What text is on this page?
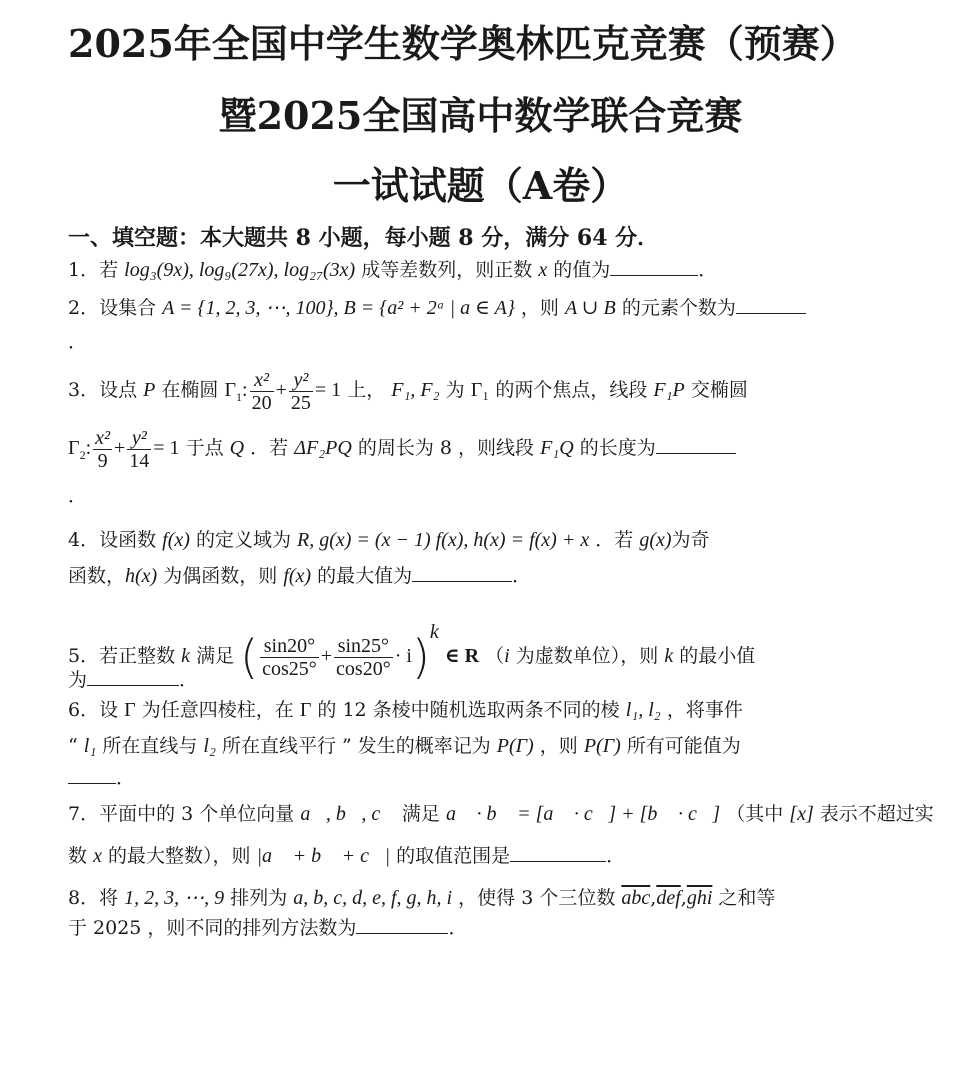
2025年全国中学生数学奥林匹克竞赛（预赛）
暨2025全国高中数学联合竞赛
一试试题（A卷）
一、填空题：本大题共 8 小题，每小题 8 分，满分 64 分．
1．若 log₃(9x), log₉(27x), log₂₇(3x) 成等差数列，则正数 x 的值为	．
2．设集合 A = {1, 2, 3, ⋯, 100}, B = {a² + 2ᵃ | a ∈ A} ，则 A ∪ B 的元素个数为
．
3．设点 P 在椭圆 $\Gamma_1$: $\frac{\text{x²}}{20} + \frac{\text{y²}}{25} = 1$ 上， F₁, F₂ 为 Γ₁ 的两个焦点，线段 F₁P 交椭圆
$\Gamma_2$: $\frac{\text{x²}}{9} + \frac{\text{y²}}{14} = 1$ 于点 Q ．若 ΔF₂PQ 的周长为 8 ，则线段 F₁Q 的长度为
．
4．设函数 f(x) 的定义域为 R, g(x) = (x − 1) f(x), h(x) = f(x) + x ．若 g(x)为奇
函数，h(x) 为偶函数，则 f(x) 的最大值为	．
5．若正整数 k 满足 ( $\frac{\sin 20^\circ}{\cos 25^\circ} + \frac{\sin 25^\circ}{\cos 20^\circ} \cdot i)^k$ ∈ R （i 为虚数单位），则 k 的最小值
为	．
6．设 Γ 为任意四棱柱，在 Γ 的 12 条棱中随机选取两条不同的棱 l₁, l₂ ，将事件
“ l₁ 所在直线与 l₂ 所在直线平行 ” 发生的概率记为 P(Γ) ，则 P(Γ) 所有可能值为
．
7．平面中的 3 个单位向量 a⃗, b⃗, c⃗ 满足 a⃗ · b⃗ = [a⃗ · c⃗] + [b⃗ · c⃗] （其中 [x] 表示不超过实
数 x 的最大整数），则 |a⃗ + b⃗ + c⃗| 的取值范围是	．
8．将 1, 2, 3, ⋯, 9 排列为 a, b, c, d, e, f, g, h, i ，使得 3 个三位数 $\overline{abc},\overline{def},\overline{ghi}$ 之和等
于 2025 ，则不同的排列方法数为	．
